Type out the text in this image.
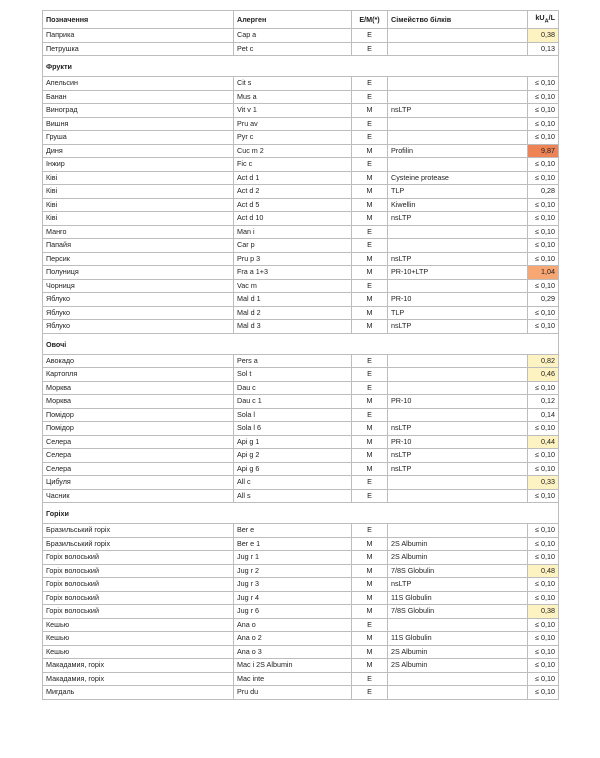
Позначення	Алерген	E/M(*)	Cімейство білків	$kU_A/L$
Паприка	Cap a	E		0,38
Петрушка	Pet c	E		0,13
Фрукти				
Апельсин	Cit s	E		≤ 0,10
Банан	Mus a	E		≤ 0,10
Виноград	Vit v 1	M	nsLTP	≤ 0,10
Вишня	Pru av	E		≤ 0,10
Груша	Pyr c	E		≤ 0,10
Диня	Cuc m 2	M	Profilin	9,87
Інжир	Fic c	E		≤ 0,10
Ківі	Act d 1	M	Cysteine protease	≤ 0,10
Ківі	Act d 2	M	TLP	0,28
Ківі	Act d 5	M	Kiwellin	≤ 0,10
Ківі	Act d 10	M	nsLTP	≤ 0,10
Манго	Man i	E		≤ 0,10
Папайя	Car p	E		≤ 0,10
Персик	Pru p 3	M	nsLTP	≤ 0,10
Полуниця	Fra a 1+3	M	PR-10+LTP	1,04
Чорниця	Vac m	E		≤ 0,10
Яблуко	Mal d 1	M	PR-10	0,29
Яблуко	Mal d 2	M	TLP	≤ 0,10
Яблуко	Mal d 3	M	nsLTP	≤ 0,10
Овочі				
Авокадо	Pers a	E		0,82
Картопля	Sol t	E		0,46
Морква	Dau c	E		≤ 0,10
Морква	Dau c 1	M	PR-10	0,12
Помідор	Sola l	E		0,14
Помідор	Sola l 6	M	nsLTP	≤ 0,10
Селера	Api g 1	M	PR-10	0,44
Селера	Api g 2	M	nsLTP	≤ 0,10
Селера	Api g 6	M	nsLTP	≤ 0,10
Цибуля	All c	E		0,33
Часник	All s	E		≤ 0,10
Горіхи				
Бразильський горіх	Ber e	E		≤ 0,10
Бразильський горіх	Ber e 1	M	2S Albumin	≤ 0,10
Горіх волоський	Jug r 1	M	2S Albumin	≤ 0,10
Горіх волоський	Jug r 2	M	7/8S Globulin	0,48
Горіх волоський	Jug r 3	M	nsLTP	≤ 0,10
Горіх волоський	Jug r 4	M	11S Globulin	≤ 0,10
Горіх волоський	Jug r 6	M	7/8S Globulin	0,38
Кешью	Ana o	E		≤ 0,10
Кешью	Ana o 2	M	11S Globulin	≤ 0,10
Кешью	Ana o 3	M	2S Albumin	≤ 0,10
Макадамия, горіх	Mac i 2S Albumin	M	2S Albumin	≤ 0,10
Макадамия, горіх	Mac inte	E		≤ 0,10
Мигдаль	Pru du	E		≤ 0,10
